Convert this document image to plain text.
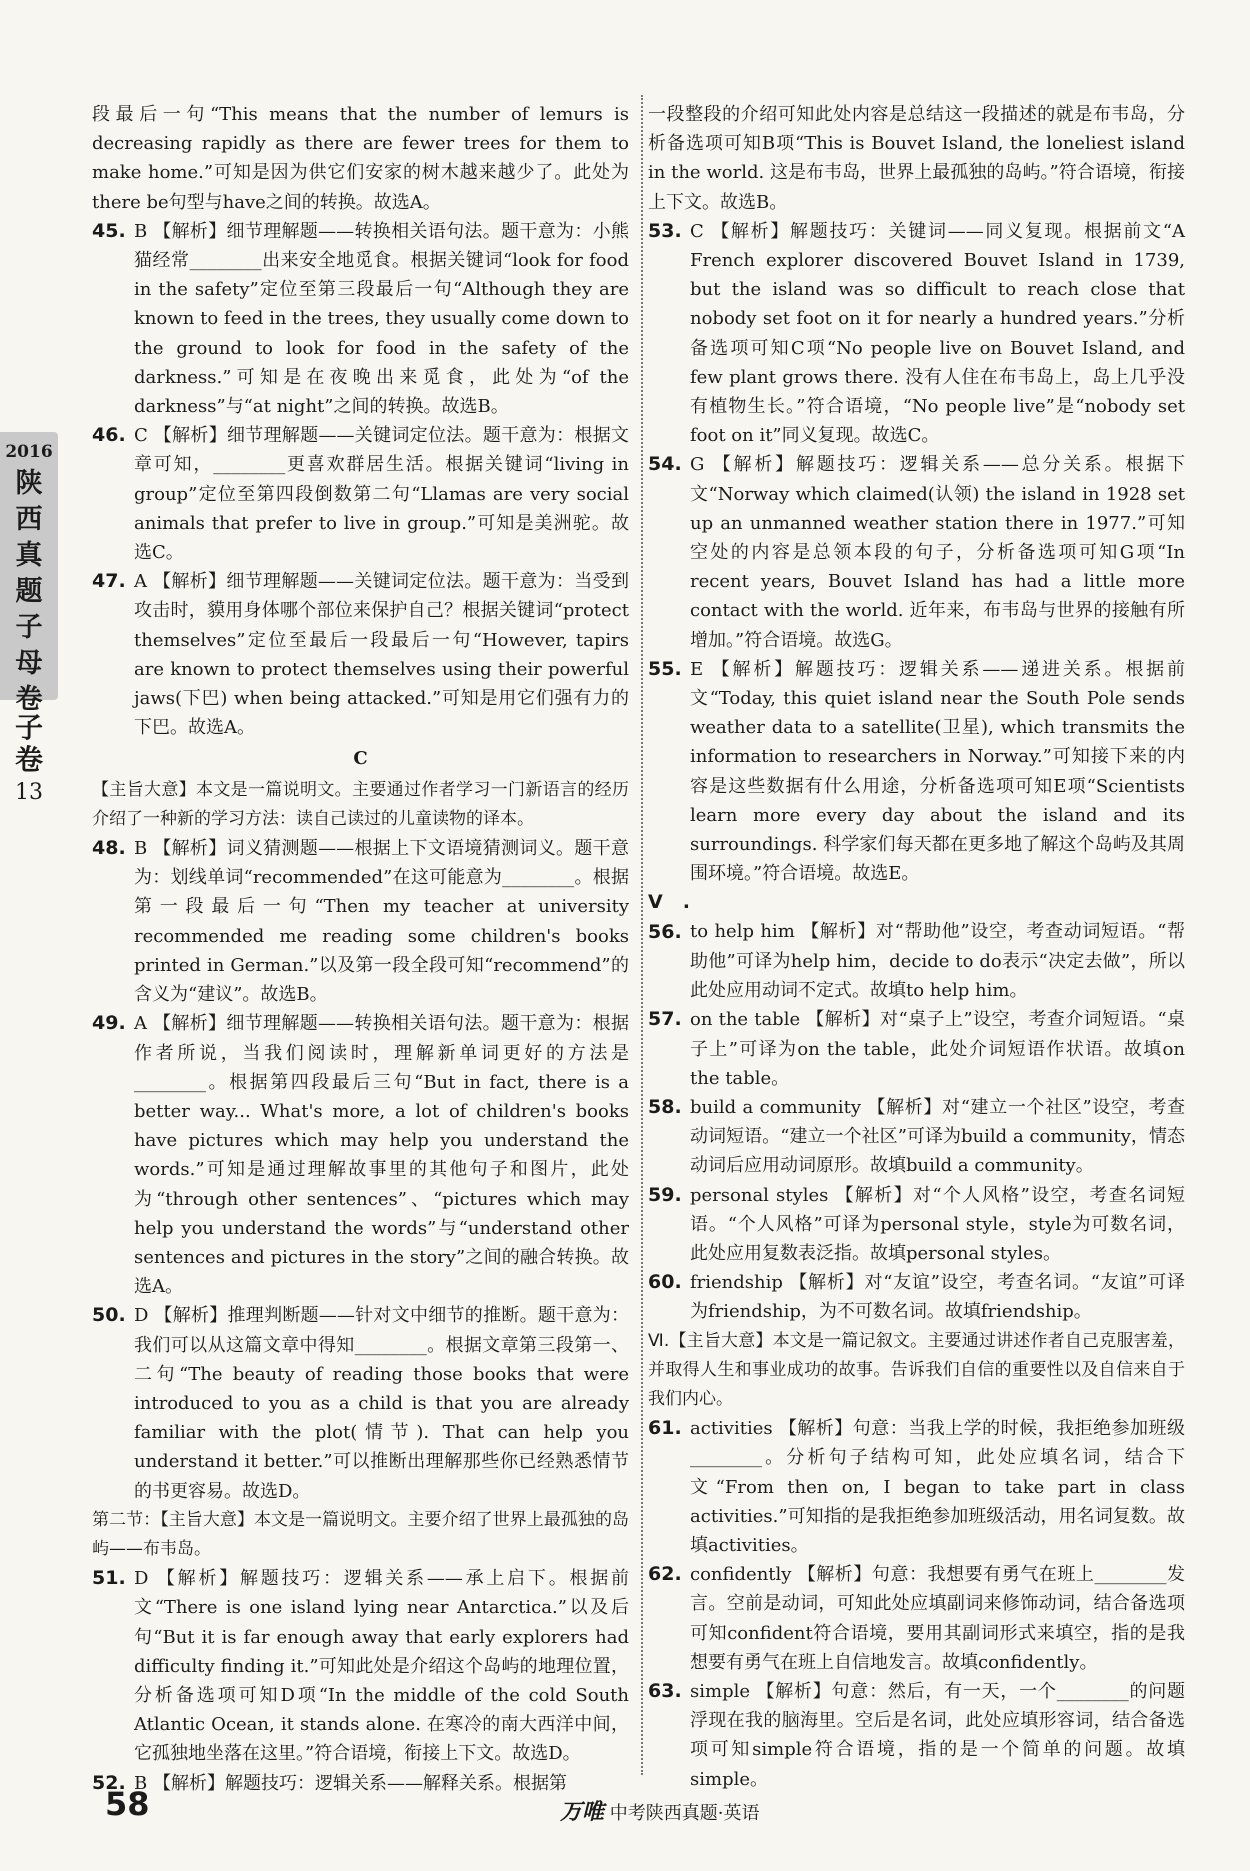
2016
陕西真题子母卷
子卷
13

段最后一句“This means that the number of lemurs is decreasing rapidly as there are fewer trees for them to make home.”可知是因为供它们安家的树木越来越少了。此处为there be句型与have之间的转换。故选A。

45. B 【解析】细节理解题——转换相关语句法。题干意为：小熊猫经常________出来安全地觅食。根据关键词“look for food in the safety”定位至第三段最后一句“Although they are known to feed in the trees, they usually come down to the ground to look for food in the safety of the darkness.”可知是在夜晚出来觅食，此处为“of the darkness”与“at night”之间的转换。故选B。

46. C 【解析】细节理解题——关键词定位法。题干意为：根据文章可知，________更喜欢群居生活。根据关键词“living in group”定位至第四段倒数第二句“Llamas are very social animals that prefer to live in group.”可知是美洲驼。故选C。

47. A 【解析】细节理解题——关键词定位法。题干意为：当受到攻击时，貘用身体哪个部位来保护自己？根据关键词“protect themselves”定位至最后一段最后一句“However, tapirs are known to protect themselves using their powerful jaws(下巴) when being attacked.”可知是用它们强有力的下巴。故选A。

C

【主旨大意】本文是一篇说明文。主要通过作者学习一门新语言的经历介绍了一种新的学习方法：读自己读过的儿童读物的译本。

48. B 【解析】词义猜测题——根据上下文语境猜测词义。题干意为：划线单词“recommended”在这可能意为________。根据第一段最后一句“Then my teacher at university recommended me reading some children's books printed in German.”以及第一段全段可知“recommend”的含义为“建议”。故选B。

49. A 【解析】细节理解题——转换相关语句法。题干意为：根据作者所说，当我们阅读时，理解新单词更好的方法是________。根据第四段最后三句“But in fact, there is a better way... What's more, a lot of children's books have pictures which may help you understand the words.”可知是通过理解故事里的其他句子和图片，此处为“through other sentences”、“pictures which may help you understand the words”与“understand other sentences and pictures in the story”之间的融合转换。故选A。

50. D 【解析】推理判断题——针对文中细节的推断。题干意为：我们可以从这篇文章中得知________。根据文章第三段第一、二句“The beauty of reading those books that were introduced to you as a child is that you are already familiar with the plot(情节). That can help you understand it better.”可以推断出理解那些你已经熟悉情节的书更容易。故选D。

第二节：【主旨大意】本文是一篇说明文。主要介绍了世界上最孤独的岛屿——布韦岛。

51. D 【解析】解题技巧：逻辑关系——承上启下。根据前文“There is one island lying near Antarctica.”以及后句“But it is far enough away that early explorers had difficulty finding it.”可知此处是介绍这个岛屿的地理位置，分析备选项可知D项“In the middle of the cold South Atlantic Ocean, it stands alone. 在寒冷的南大西洋中间，它孤独地坐落在这里。”符合语境，衔接上下文。故选D。

52. B 【解析】解题技巧：逻辑关系——解释关系。根据第

一段整段的介绍可知此处内容是总结这一段描述的就是布韦岛，分析备选项可知B项“This is Bouvet Island, the loneliest island in the world. 这是布韦岛，世界上最孤独的岛屿。”符合语境，衔接上下文。故选B。

53. C 【解析】解题技巧：关键词——同义复现。根据前文“A French explorer discovered Bouvet Island in 1739, but the island was so difficult to reach close that nobody set foot on it for nearly a hundred years.”分析备选项可知C项“No people live on Bouvet Island, and few plant grows there. 没有人住在布韦岛上，岛上几乎没有植物生长。”符合语境，“No people live”是“nobody set foot on it”同义复现。故选C。

54. G 【解析】解题技巧：逻辑关系——总分关系。根据下文“Norway which claimed(认领) the island in 1928 set up an unmanned weather station there in 1977.”可知空处的内容是总领本段的句子，分析备选项可知G项“In recent years, Bouvet Island has had a little more contact with the world. 近年来，布韦岛与世界的接触有所增加。”符合语境。故选G。

55. E 【解析】解题技巧：逻辑关系——递进关系。根据前文“Today, this quiet island near the South Pole sends weather data to a satellite(卫星), which transmits the information to researchers in Norway.”可知接下来的内容是这些数据有什么用途，分析备选项可知E项“Scientists learn more every day about the island and its surroundings. 科学家们每天都在更多地了解这个岛屿及其周围环境。”符合语境。故选E。

Ⅴ. 56. to help him 【解析】对“帮助他”设空，考查动词短语。“帮助他”可译为help him，decide to do表示“决定去做”，所以此处应用动词不定式。故填to help him。

57. on the table 【解析】对“桌子上”设空，考查介词短语。“桌子上”可译为on the table，此处介词短语作状语。故填on the table。

58. build a community 【解析】对“建立一个社区”设空，考查动词短语。“建立一个社区”可译为build a community，情态动词后应用动词原形。故填build a community。

59. personal styles 【解析】对“个人风格”设空，考查名词短语。“个人风格”可译为personal style，style为可数名词，此处应用复数表泛指。故填personal styles。

60. friendship 【解析】对“友谊”设空，考查名词。“友谊”可译为friendship，为不可数名词。故填friendship。

Ⅵ.【主旨大意】本文是一篇记叙文。主要通过讲述作者自己克服害羞，并取得人生和事业成功的故事。告诉我们自信的重要性以及自信来自于我们内心。

61. activities 【解析】句意：当我上学的时候，我拒绝参加班级________。分析句子结构可知，此处应填名词，结合下文“From then on, I began to take part in class activities.”可知指的是我拒绝参加班级活动，用名词复数。故填activities。

62. confidently 【解析】句意：我想要有勇气在班上________发言。空前是动词，可知此处应填副词来修饰动词，结合备选项可知confident符合语境，要用其副词形式来填空，指的是我想要有勇气在班上自信地发言。故填confidently。

63. simple 【解析】句意：然后，有一天，一个________的问题浮现在我的脑海里。空后是名词，此处应填形容词，结合备选项可知simple符合语境，指的是一个简单的问题。故填simple。

58	万唯 中考陕西真题·英语
